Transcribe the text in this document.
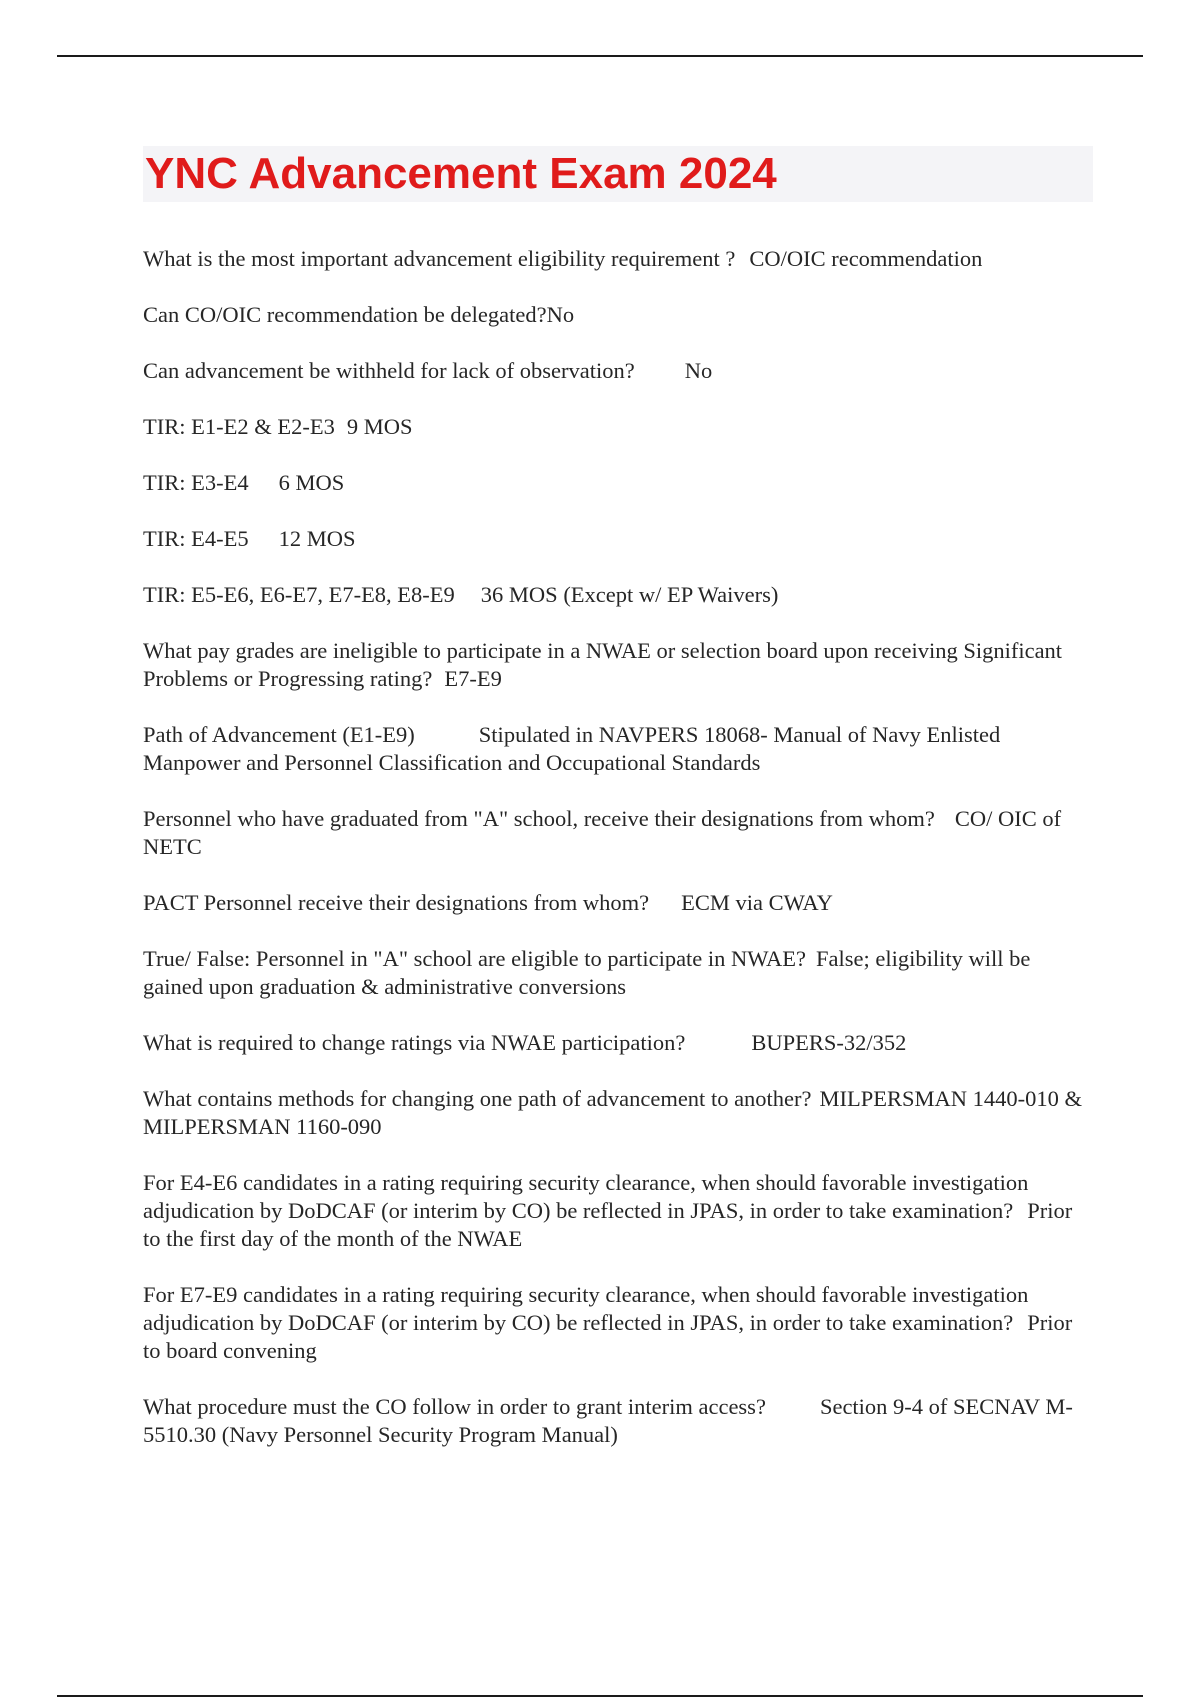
YNC Advancement Exam 2024

What is the most important advancement eligibility requirement ? CO/OIC recommendation

Can CO/OIC recommendation be delegated?No

Can advancement be withheld for lack of observation? No

TIR: E1-E2 & E2-E3 9 MOS

TIR: E3-E4 6 MOS

TIR: E4-E5 12 MOS

TIR: E5-E6, E6-E7, E7-E8, E8-E9 36 MOS (Except w/ EP Waivers)

What pay grades are ineligible to participate in a NWAE or selection board upon receiving Significant Problems or Progressing rating? E7-E9

Path of Advancement (E1-E9)	Stipulated in NAVPERS 18068- Manual of Navy Enlisted Manpower and Personnel Classification and Occupational Standards

Personnel who have graduated from "A" school, receive their designations from whom? CO/ OIC of NETC

PACT Personnel receive their designations from whom? ECM via CWAY

True/ False: Personnel in "A" school are eligible to participate in NWAE? False; eligibility will be gained upon graduation & administrative conversions

What is required to change ratings via NWAE participation?	BUPERS-32/352

What contains methods for changing one path of advancement to another? MILPERSMAN 1440-010 & MILPERSMAN 1160-090

For E4-E6 candidates in a rating requiring security clearance, when should favorable investigation adjudication by DoDCAF (or interim by CO) be reflected in JPAS, in order to take examination? Prior to the first day of the month of the NWAE

For E7-E9 candidates in a rating requiring security clearance, when should favorable investigation adjudication by DoDCAF (or interim by CO) be reflected in JPAS, in order to take examination? Prior to board convening

What procedure must the CO follow in order to grant interim access? Section 9-4 of SECNAV M-5510.30 (Navy Personnel Security Program Manual)
